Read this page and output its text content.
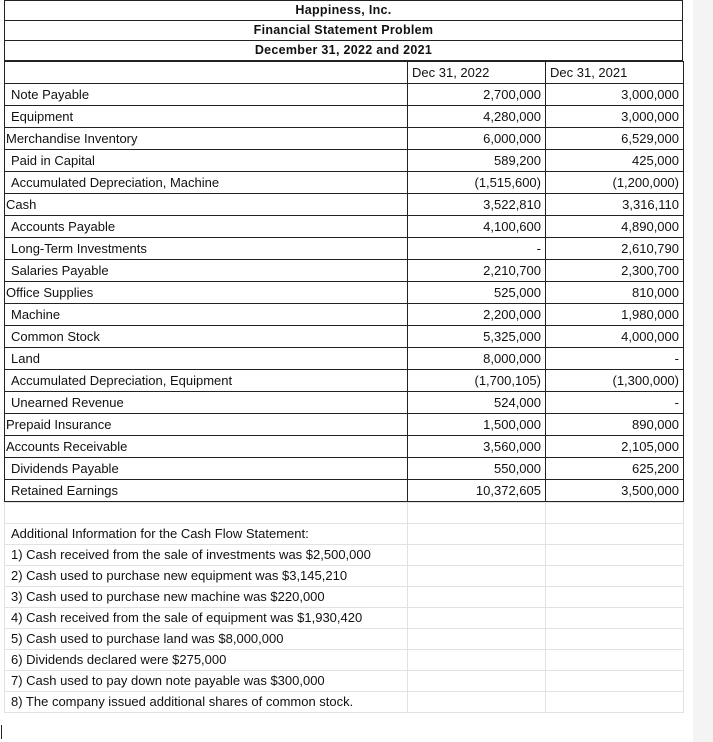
Happiness, Inc.
Financial Statement Problem
December 31, 2022 and 2021
	Dec 31, 2022	Dec 31, 2021
Note Payable	2,700,000	3,000,000
Equipment	4,280,000	3,000,000
Merchandise Inventory	6,000,000	6,529,000
Paid in Capital	589,200	425,000
Accumulated Depreciation, Machine	(1,515,600)	(1,200,000)
Cash	3,522,810	3,316,110
Accounts Payable	4,100,600	4,890,000
Long-Term Investments	-	2,610,790
Salaries Payable	2,210,700	2,300,700
Office Supplies	525,000	810,000
Machine	2,200,000	1,980,000
Common Stock	5,325,000	4,000,000
Land	8,000,000	-
Accumulated Depreciation, Equipment	(1,700,105)	(1,300,000)
Unearned Revenue	524,000	-
Prepaid Insurance	1,500,000	890,000
Accounts Receivable	3,560,000	2,105,000
Dividends Payable	550,000	625,200
Retained Earnings	10,372,605	3,500,000

Additional Information for the Cash Flow Statement:		
1) Cash received from the sale of investments was $2,500,000		
2) Cash used to purchase new equipment was $3,145,210		
3) Cash used to purchase new machine was $220,000		
4) Cash received from the sale of equipment was $1,930,420		
5) Cash used to purchase land was $8,000,000		
6) Dividends declared were $275,000		
7) Cash used to pay down note payable was $300,000		
8) The company issued additional shares of common stock.		
